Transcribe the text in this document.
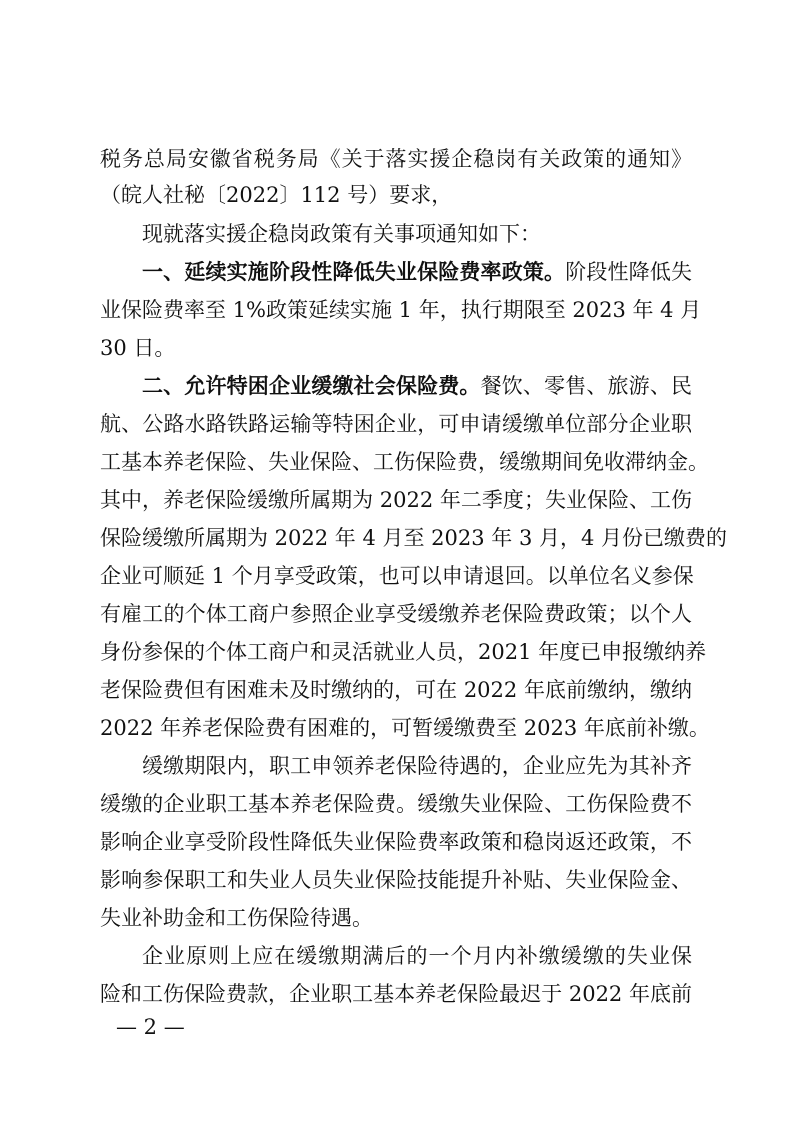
税务总局安徽省税务局《关于落实援企稳岗有关政策的通知》
（皖人社秘〔2022〕112 号）要求，
现就落实援企稳岗政策有关事项通知如下：
一、延续实施阶段性降低失业保险费率政策。阶段性降低失
业保险费率至 1%政策延续实施 1 年，执行期限至 2023 年 4 月
30 日。
二、允许特困企业缓缴社会保险费。餐饮、零售、旅游、民
航、公路水路铁路运输等特困企业，可申请缓缴单位部分企业职
工基本养老保险、失业保险、工伤保险费，缓缴期间免收滞纳金。
其中，养老保险缓缴所属期为 2022 年二季度；失业保险、工伤
保险缓缴所属期为 2022 年 4 月至 2023 年 3 月，4 月份已缴费的
企业可顺延 1 个月享受政策，也可以申请退回。以单位名义参保
有雇工的个体工商户参照企业享受缓缴养老保险费政策；以个人
身份参保的个体工商户和灵活就业人员，2021 年度已申报缴纳养
老保险费但有困难未及时缴纳的，可在 2022 年底前缴纳，缴纳
2022 年养老保险费有困难的，可暂缓缴费至 2023 年底前补缴。
缓缴期限内，职工申领养老保险待遇的，企业应先为其补齐
缓缴的企业职工基本养老保险费。缓缴失业保险、工伤保险费不
影响企业享受阶段性降低失业保险费率政策和稳岗返还政策，不
影响参保职工和失业人员失业保险技能提升补贴、失业保险金、
失业补助金和工伤保险待遇。
企业原则上应在缓缴期满后的一个月内补缴缓缴的失业保
险和工伤保险费款，企业职工基本养老保险最迟于 2022 年底前
— 2 —
